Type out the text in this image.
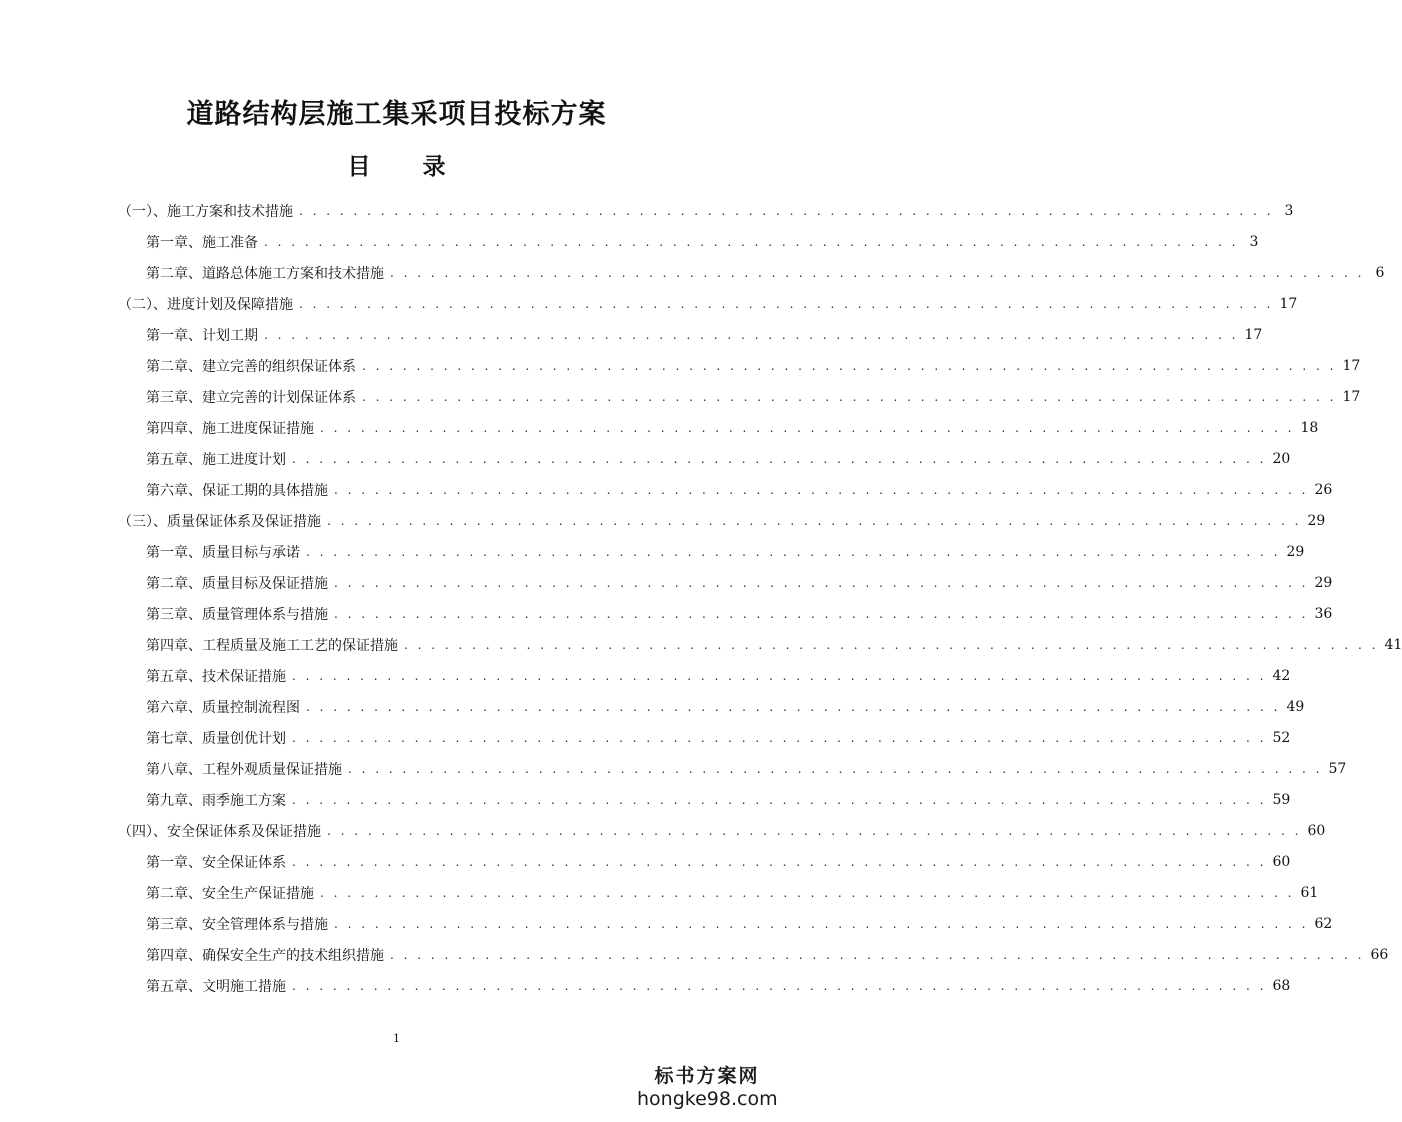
道路结构层施工集采项目投标方案
目 录
（一）、施工方案和技术措施 . . . . . . . . . . . . . . . . . . . . . . . . . . . . . . . . . . . . . . . . . . . . . . . . . . . . . . . . . . . . . . . . . . . . . . . . 3
第一章、施工准备 . . . . . . . . . . . . . . . . . . . . . . . . . . . . . . . . . . . . . . . . . . . . . . . . . . . . . . . . . . . . . . . . . . . . . . . . 3
第二章、道路总体施工方案和技术措施 . . . . . . . . . . . . . . . . . . . . . . . . . . . . . . . . . . . . . . . . . . . . . . . . . . . . . . . . . . . . . . . . . . . . . . . . 6
（二）、进度计划及保障措施 . . . . . . . . . . . . . . . . . . . . . . . . . . . . . . . . . . . . . . . . . . . . . . . . . . . . . . . . . . . . . . . . . . . . . . . . 17
第一章、计划工期 . . . . . . . . . . . . . . . . . . . . . . . . . . . . . . . . . . . . . . . . . . . . . . . . . . . . . . . . . . . . . . . . . . . . . . . . 17
第二章、建立完善的组织保证体系 . . . . . . . . . . . . . . . . . . . . . . . . . . . . . . . . . . . . . . . . . . . . . . . . . . . . . . . . . . . . . . . . . . . . . . . . 17
第三章、建立完善的计划保证体系 . . . . . . . . . . . . . . . . . . . . . . . . . . . . . . . . . . . . . . . . . . . . . . . . . . . . . . . . . . . . . . . . . . . . . . . . 17
第四章、施工进度保证措施 . . . . . . . . . . . . . . . . . . . . . . . . . . . . . . . . . . . . . . . . . . . . . . . . . . . . . . . . . . . . . . . . . . . . . . . . 18
第五章、施工进度计划 . . . . . . . . . . . . . . . . . . . . . . . . . . . . . . . . . . . . . . . . . . . . . . . . . . . . . . . . . . . . . . . . . . . . . . . . 20
第六章、保证工期的具体措施 . . . . . . . . . . . . . . . . . . . . . . . . . . . . . . . . . . . . . . . . . . . . . . . . . . . . . . . . . . . . . . . . . . . . . . . . 26
（三）、质量保证体系及保证措施 . . . . . . . . . . . . . . . . . . . . . . . . . . . . . . . . . . . . . . . . . . . . . . . . . . . . . . . . . . . . . . . . . . . . . . . . 29
第一章、质量目标与承诺 . . . . . . . . . . . . . . . . . . . . . . . . . . . . . . . . . . . . . . . . . . . . . . . . . . . . . . . . . . . . . . . . . . . . . . . . 29
第二章、质量目标及保证措施 . . . . . . . . . . . . . . . . . . . . . . . . . . . . . . . . . . . . . . . . . . . . . . . . . . . . . . . . . . . . . . . . . . . . . . . . 29
第三章、质量管理体系与措施 . . . . . . . . . . . . . . . . . . . . . . . . . . . . . . . . . . . . . . . . . . . . . . . . . . . . . . . . . . . . . . . . . . . . . . . . 36
第四章、工程质量及施工工艺的保证措施 . . . . . . . . . . . . . . . . . . . . . . . . . . . . . . . . . . . . . . . . . . . . . . . . . . . . . . . . . . . . . . . . . . . . . . . . 41
第五章、技术保证措施 . . . . . . . . . . . . . . . . . . . . . . . . . . . . . . . . . . . . . . . . . . . . . . . . . . . . . . . . . . . . . . . . . . . . . . . . 42
第六章、质量控制流程图 . . . . . . . . . . . . . . . . . . . . . . . . . . . . . . . . . . . . . . . . . . . . . . . . . . . . . . . . . . . . . . . . . . . . . . . . 49
第七章、质量创优计划 . . . . . . . . . . . . . . . . . . . . . . . . . . . . . . . . . . . . . . . . . . . . . . . . . . . . . . . . . . . . . . . . . . . . . . . . 52
第八章、工程外观质量保证措施 . . . . . . . . . . . . . . . . . . . . . . . . . . . . . . . . . . . . . . . . . . . . . . . . . . . . . . . . . . . . . . . . . . . . . . . . 57
第九章、雨季施工方案 . . . . . . . . . . . . . . . . . . . . . . . . . . . . . . . . . . . . . . . . . . . . . . . . . . . . . . . . . . . . . . . . . . . . . . . . 59
（四）、安全保证体系及保证措施 . . . . . . . . . . . . . . . . . . . . . . . . . . . . . . . . . . . . . . . . . . . . . . . . . . . . . . . . . . . . . . . . . . . . . . . . 60
第一章、安全保证体系 . . . . . . . . . . . . . . . . . . . . . . . . . . . . . . . . . . . . . . . . . . . . . . . . . . . . . . . . . . . . . . . . . . . . . . . . 60
第二章、安全生产保证措施 . . . . . . . . . . . . . . . . . . . . . . . . . . . . . . . . . . . . . . . . . . . . . . . . . . . . . . . . . . . . . . . . . . . . . . . . 61
第三章、安全管理体系与措施 . . . . . . . . . . . . . . . . . . . . . . . . . . . . . . . . . . . . . . . . . . . . . . . . . . . . . . . . . . . . . . . . . . . . . . . . 62
第四章、确保安全生产的技术组织措施 . . . . . . . . . . . . . . . . . . . . . . . . . . . . . . . . . . . . . . . . . . . . . . . . . . . . . . . . . . . . . . . . . . . . . . . . 66
第五章、文明施工措施 . . . . . . . . . . . . . . . . . . . . . . . . . . . . . . . . . . . . . . . . . . . . . . . . . . . . . . . . . . . . . . . . . . . . . . . . 68
1
标书方案网
hongke98.com
